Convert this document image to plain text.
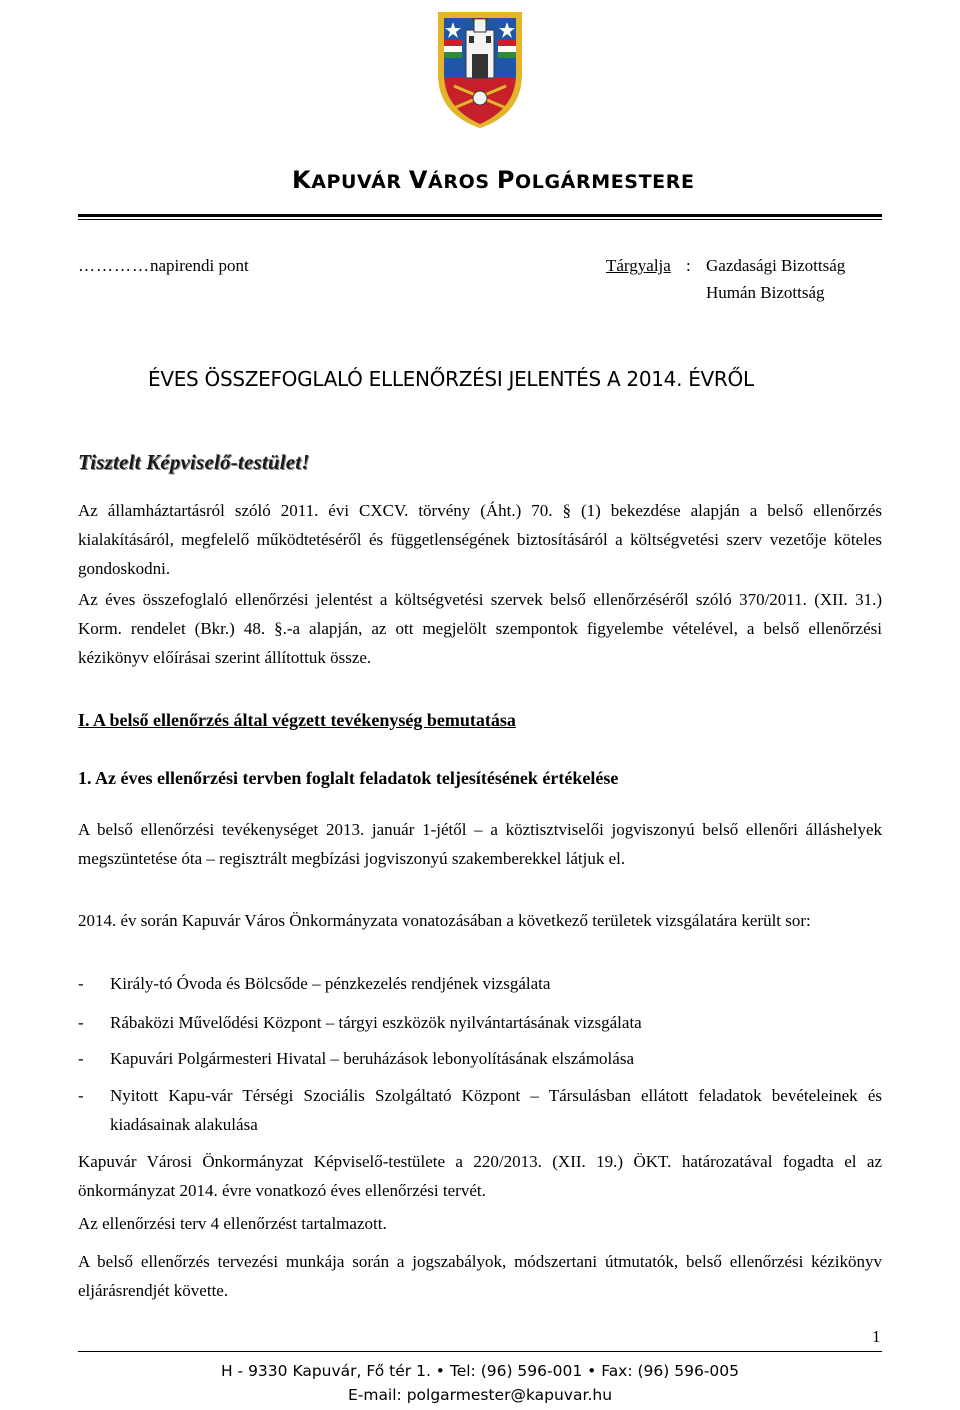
KAPUVÁR VÁROS POLGÁRMESTERE
…………napirendi pont	Tárgyalja : Gazdasági Bizottság
Humán Bizottság
ÉVES ÖSSZEFOGLALÓ ELLENŐRZÉSI JELENTÉS A 2014. ÉVRŐL
Tisztelt Képviselő-testület!

Az államháztartásról szóló 2011. évi CXCV. törvény (Áht.) 70. § (1) bekezdése alapján a belső ellenőrzés kialakításáról, megfelelő működtetéséről és függetlenségének biztosításáról a költségvetési szerv vezetője köteles gondoskodni.

Az éves összefoglaló ellenőrzési jelentést a költségvetési szervek belső ellenőrzéséről szóló 370/2011. (XII. 31.) Korm. rendelet (Bkr.) 48. §.-a alapján, az ott megjelölt szempontok figyelembe vételével, a belső ellenőrzési kézikönyv előírásai szerint állítottuk össze.

I. A belső ellenőrzés által végzett tevékenység bemutatása
1. Az éves ellenőrzési tervben foglalt feladatok teljesítésének értékelése

A belső ellenőrzési tevékenységet 2013. január 1-jétől – a köztisztviselői jogviszonyú belső ellenőri álláshelyek megszüntetése óta – regisztrált megbízási jogviszonyú szakemberekkel látjuk el.

2014. év során Kapuvár Város Önkormányzata vonatozásában a következő területek vizsgálatára került sor:

- Király-tó Óvoda és Bölcsőde – pénzkezelés rendjének vizsgálata

- Rábaközi Művelődési Központ – tárgyi eszközök nyilvántartásának vizsgálata

- Kapuvári Polgármesteri Hivatal – beruházások lebonyolításának elszámolása

- Nyitott Kapu-vár Térségi Szociális Szolgáltató Központ – Társulásban ellátott feladatok bevételeinek és kiadásainak alakulása

Kapuvár Városi Önkormányzat Képviselő-testülete a 220/2013. (XII. 19.) ÖKT. határozatával fogadta el az önkormányzat 2014. évre vonatkozó éves ellenőrzési tervét.

Az ellenőrzési terv 4 ellenőrzést tartalmazott.

A belső ellenőrzés tervezési munkája során a jogszabályok, módszertani útmutatók, belső ellenőrzési kézikönyv eljárásrendjét követte.

1
H - 9330 Kapuvár, Fő tér 1. • Tel: (96) 596-001 • Fax: (96) 596-005
E-mail: polgarmester@kapuvar.hu
